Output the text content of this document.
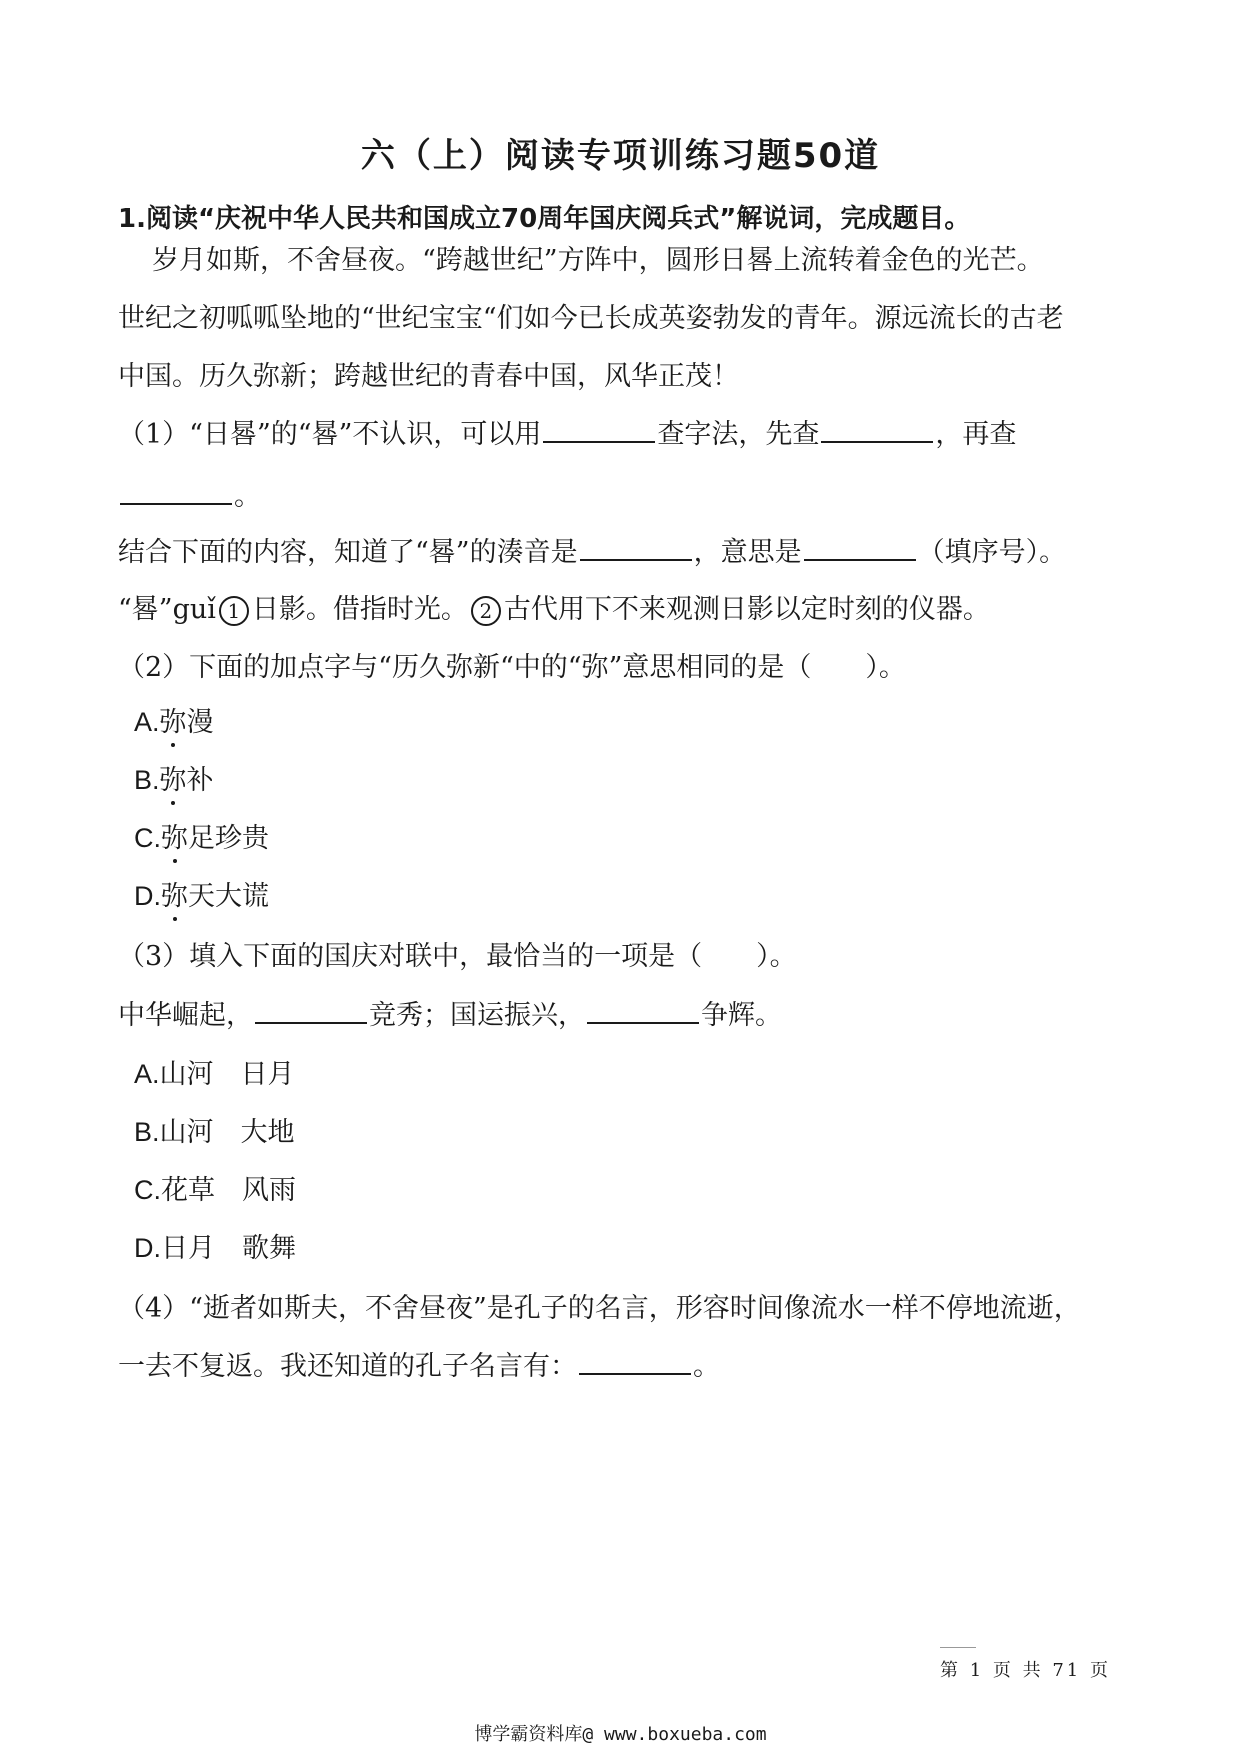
六（上）阅读专项训练习题50道
1.阅读“庆祝中华人民共和国成立70周年国庆阅兵式”解说词，完成题目。
岁月如斯，不舍昼夜。“跨越世纪”方阵中，圆形日晷上流转着金色的光芒。
世纪之初呱呱坠地的“世纪宝宝“们如今已长成英姿勃发的青年。源远流长的古老
中国。历久弥新；跨越世纪的青春中国，风华正茂！
（1）“日晷”的“晷”不认识，可以用	查字法，先查	，再查
。
结合下面的内容，知道了“晷”的湊音是	，意思是	（填序号）。
“晷”guǐ 1 日影。借指时光。 2 古代用下不来观测日影以定时刻的仪器。
（2）下面的加点字与“历久弥新“中的“弥”意思相同的是（　　）。
A.弥漫
B.弥补
C.弥足珍贵
D.弥天大谎
（3）填入下面的国庆对联中，最恰当的一项是（　　）。
中华崛起，	竞秀；国运振兴，	争辉。
A.山河　日月
B.山河　大地
C.花草　风雨
D.日月　歌舞
（4）“逝者如斯夫，不舍昼夜”是孔子的名言，形容时间像流水一样不停地流逝，
一去不复返。我还知道的孔子名言有：	。
第 1 页 共 71 页
博学霸资料库@ www.boxueba.com
